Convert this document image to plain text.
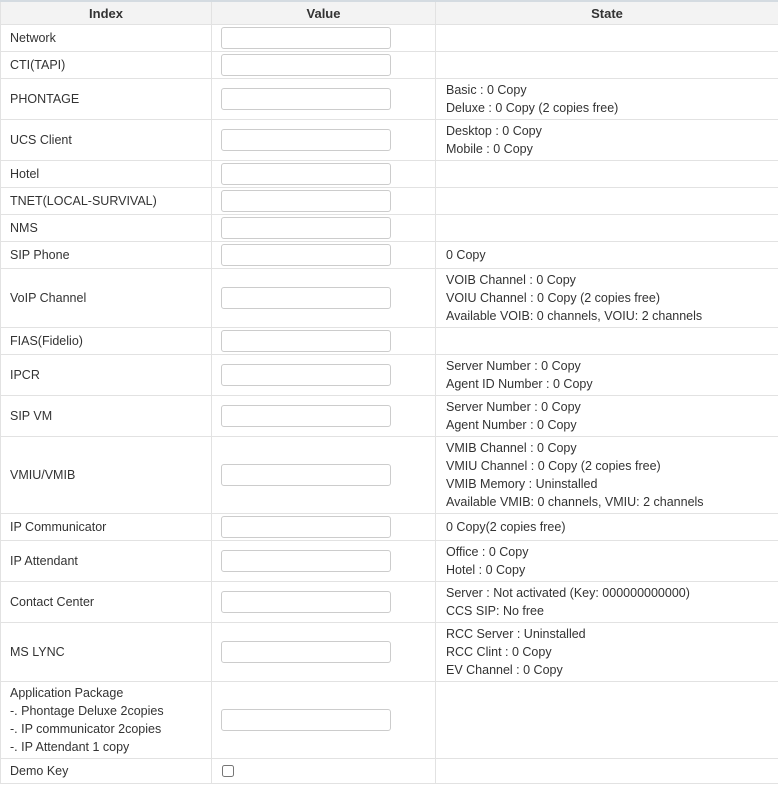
Index	Value	State

Network

CTI(TAPI)

PHONTAGE		Basic : 0 Copy
Deluxe : 0 Copy (2 copies free)

UCS Client		Desktop : 0 Copy
Mobile : 0 Copy

Hotel

TNET(LOCAL-SURVIVAL)

NMS

SIP Phone		0 Copy

VoIP Channel		VOIB Channel : 0 Copy
VOIU Channel : 0 Copy (2 copies free)
Available VOIB: 0 channels, VOIU: 2 channels

FIAS(Fidelio)

IPCR		Server Number : 0 Copy
Agent ID Number : 0 Copy

SIP VM		Server Number : 0 Copy
Agent Number : 0 Copy

VMIU/VMIB		VMIB Channel : 0 Copy
VMIU Channel : 0 Copy (2 copies free)
VMIB Memory : Uninstalled
Available VMIB: 0 channels, VMIU: 2 channels

IP Communicator		0 Copy(2 copies free)

IP Attendant		Office : 0 Copy
Hotel : 0 Copy

Contact Center		Server : Not activated (Key: 000000000000)
CCS SIP: No free

MS LYNC		RCC Server : Uninstalled
RCC Clint : 0 Copy
EV Channel : 0 Copy

Application Package
-. Phontage Deluxe 2copies
-. IP communicator 2copies
-. IP Attendant 1 copy

Demo Key
